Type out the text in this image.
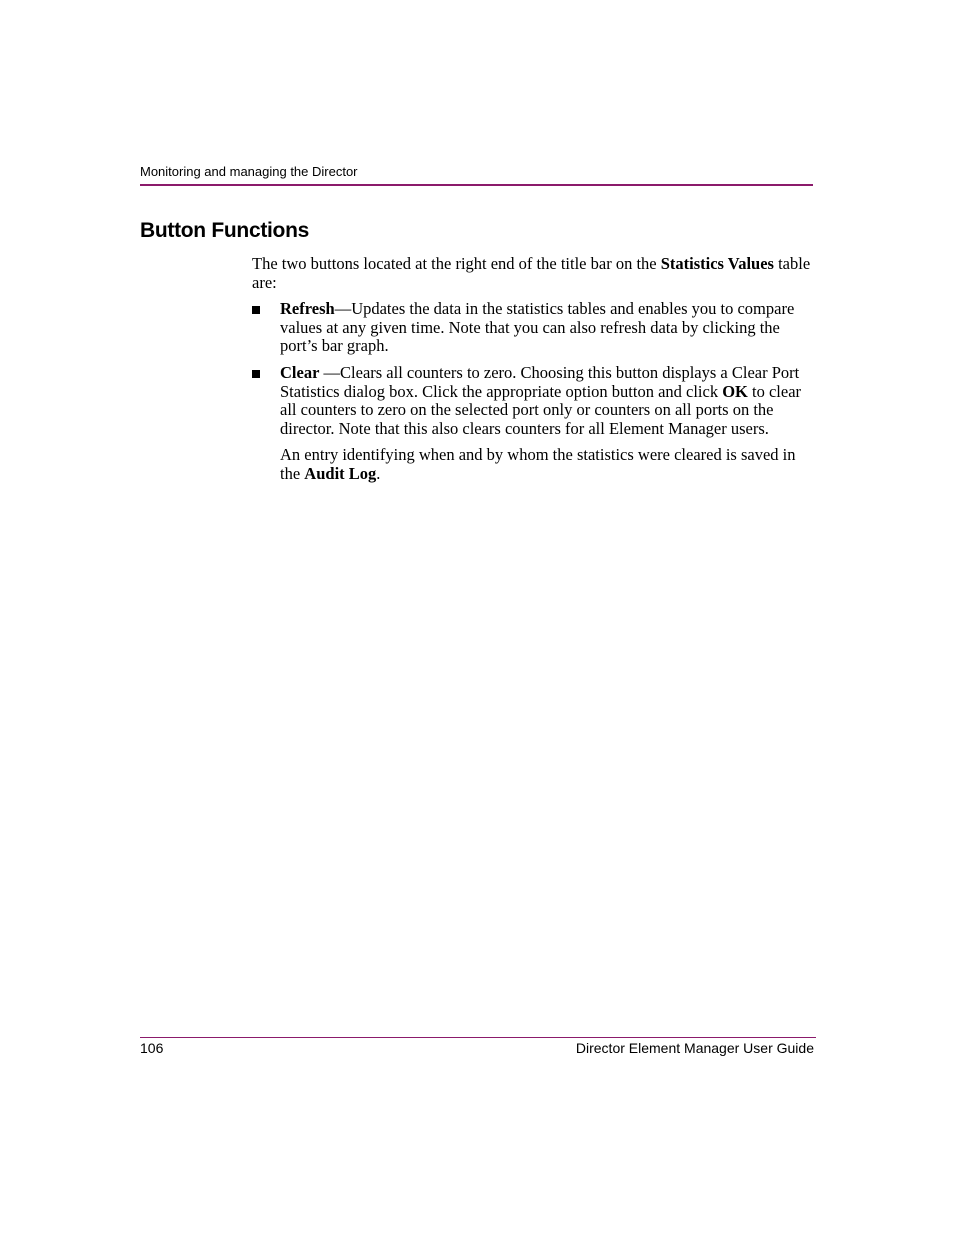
Monitoring and managing the Director
Button Functions

The two buttons located at the right end of the title bar on the Statistics Values table are:

Refresh—Updates the data in the statistics tables and enables you to compare values at any given time. Note that you can also refresh data by clicking the port’s bar graph.
Clear —Clears all counters to zero. Choosing this button displays a Clear Port Statistics dialog box. Click the appropriate option button and click OK to clear all counters to zero on the selected port only or counters on all ports on the director. Note that this also clears counters for all Element Manager users.

An entry identifying when and by whom the statistics were cleared is saved in the Audit Log.

106	Director Element Manager User Guide
